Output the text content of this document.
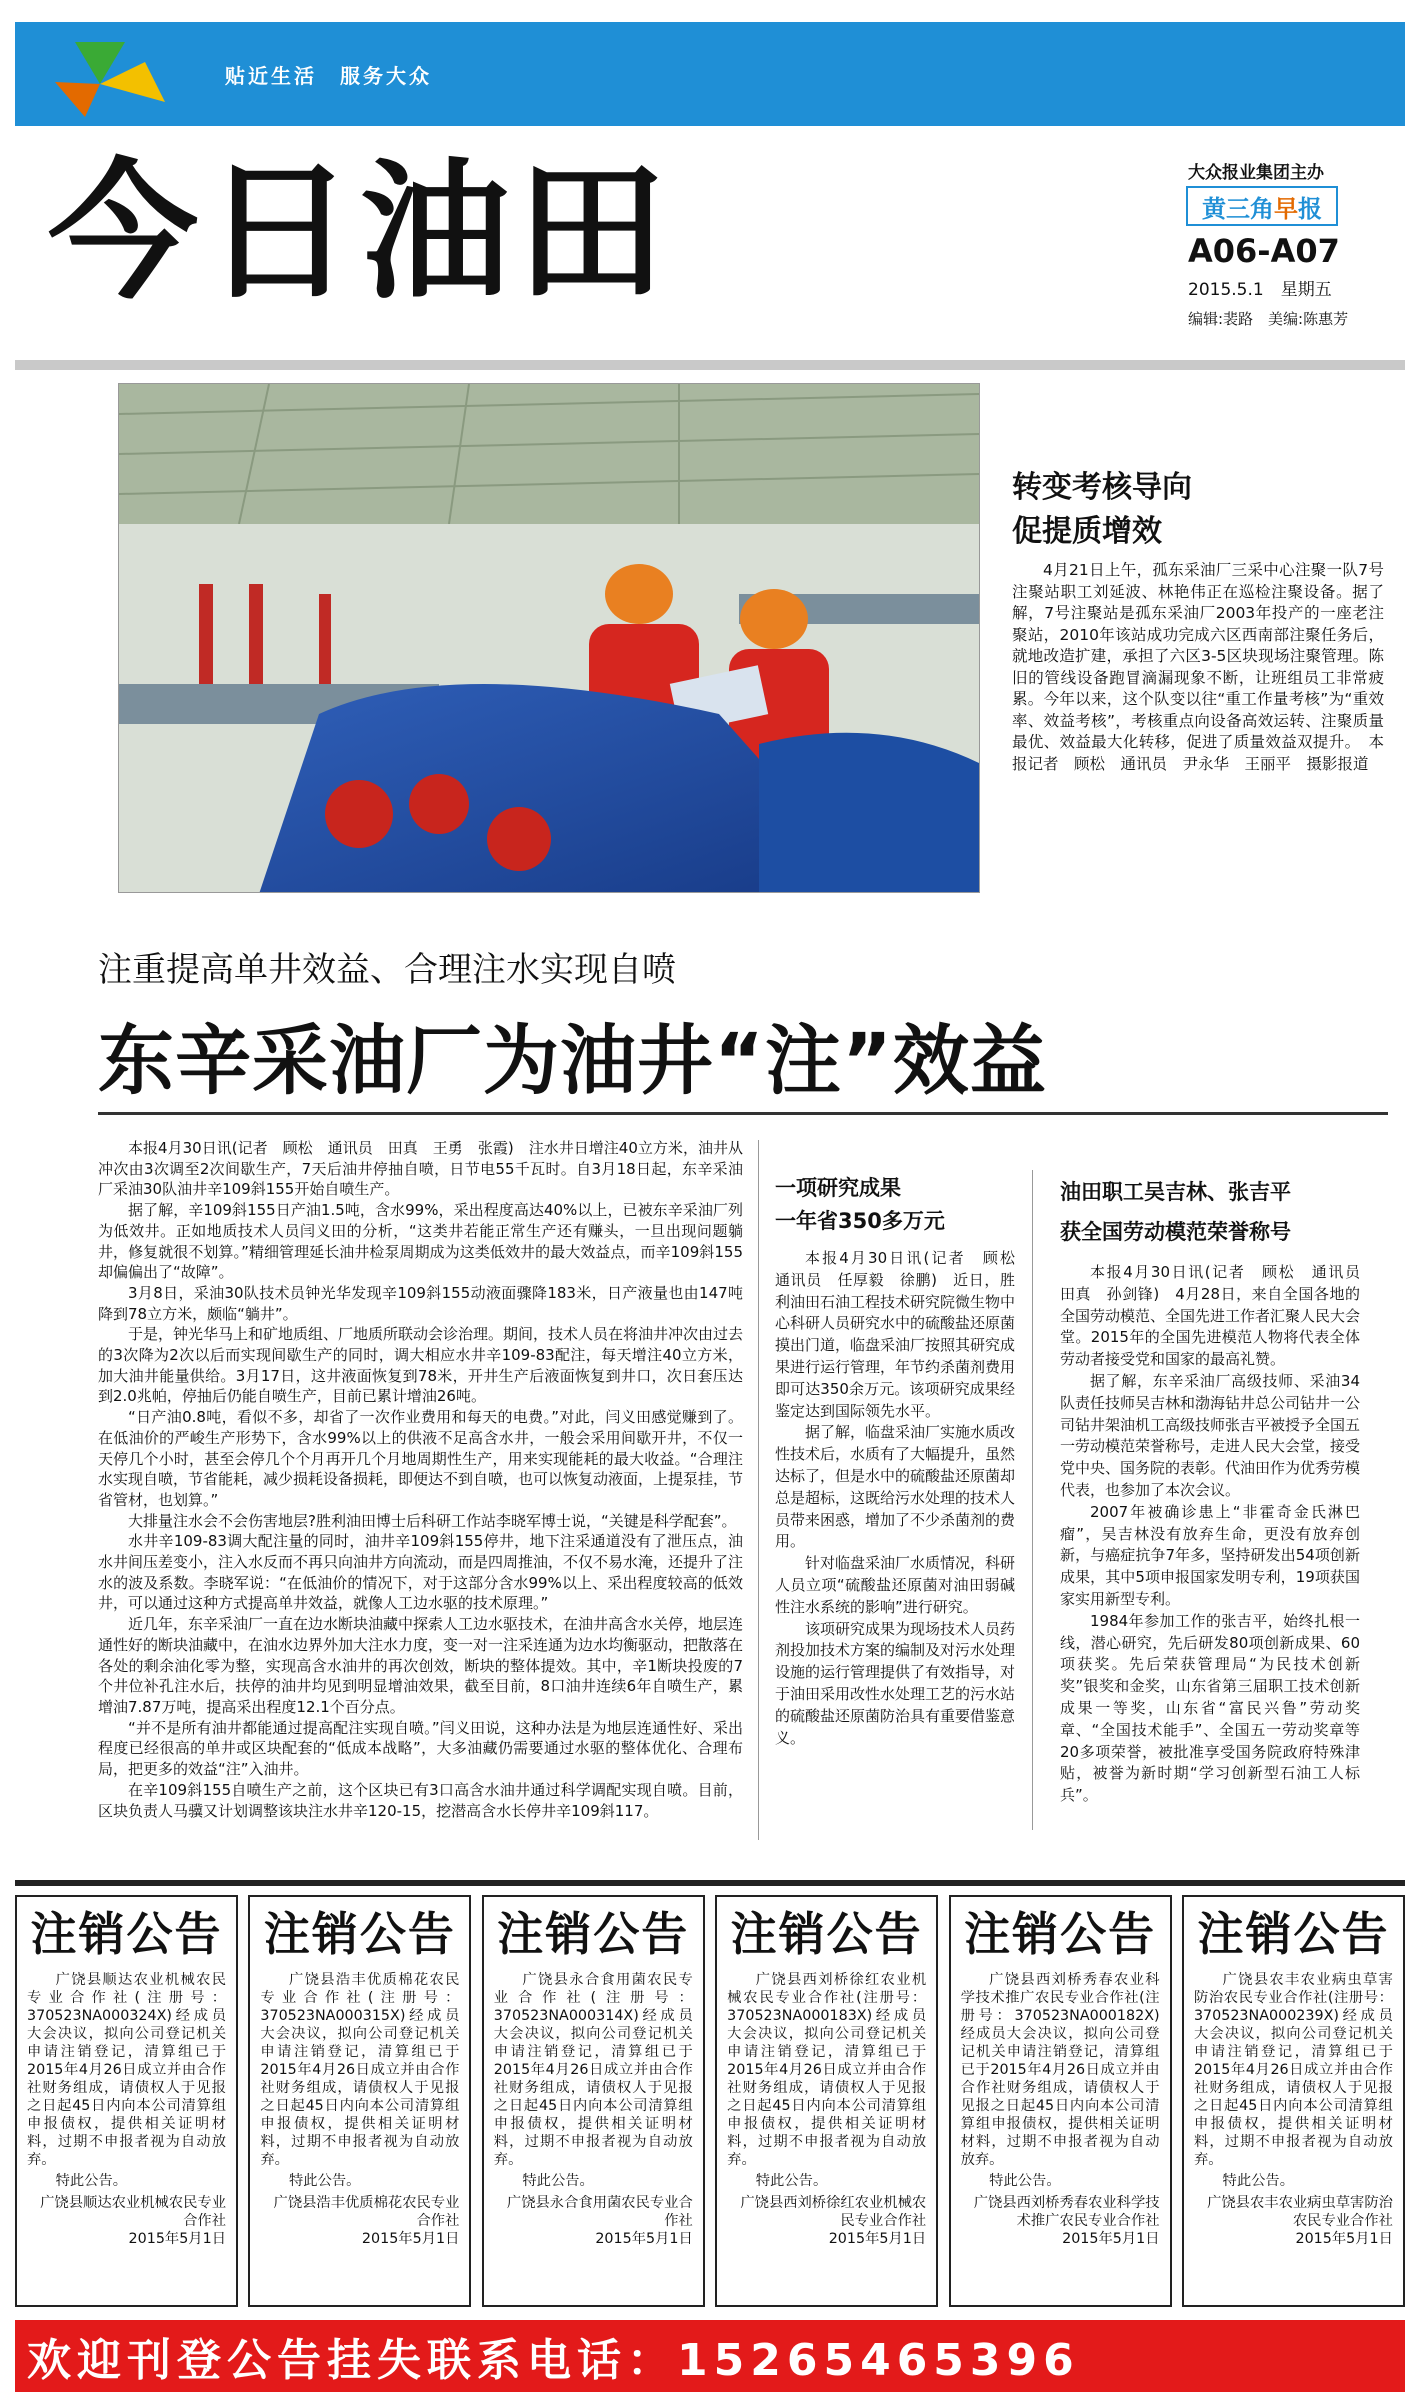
贴近生活　服务大众
今日油田	大众报业集团主办
黄三角 早 报
A06-A07
2015.5.1　星期五
编辑:裴路　美编:陈惠芳
转变考核导向
促提质增效
4月21日上午，孤东采油厂三采中心注聚一队7号注聚站职工刘延波、林艳伟正在巡检注聚设备。据了解，7号注聚站是孤东采油厂2003年投产的一座老注聚站，2010年该站成功完成六区西南部注聚任务后，就地改造扩建，承担了六区3-5区块现场注聚管理。陈旧的管线设备跑冒滴漏现象不断，让班组员工非常疲累。今年以来，这个队变以往“重工作量考核”为“重效率、效益考核”，考核重点向设备高效运转、注聚质量最优、效益最大化转移，促进了质量效益双提升。　本报记者　顾松　通讯员　尹永华　王丽平　摄影报道
注重提高单井效益、合理注水实现自喷
东辛采油厂为油井“注”效益

本报4月30日讯(记者　顾松　通讯员　田真　王勇　张霞)　注水井日增注40立方米，油井从冲次由3次调至2次间歇生产，7天后油井停抽自喷，日节电55千瓦时。自3月18日起，东辛采油厂采油30队油井辛109斜155开始自喷生产。

据了解，辛109斜155日产油1.5吨，含水99%，采出程度高达40%以上，已被东辛采油厂列为低效井。正如地质技术人员闫义田的分析，“这类井若能正常生产还有赚头，一旦出现问题躺井，修复就很不划算。”精细管理延长油井检泵周期成为这类低效井的最大效益点，而辛109斜155却偏偏出了“故障”。

3月8日，采油30队技术员钟光华发现辛109斜155动液面骤降183米，日产液量也由147吨降到78立方米，颇临“躺井”。

于是，钟光华马上和矿地质组、厂地质所联动会诊治理。期间，技术人员在将油井冲次由过去的3次降为2次以后而实现间歇生产的同时，调大相应水井辛109-83配注，每天增注40立方米，加大油井能量供给。3月17日，这井液面恢复到78米，开井生产后液面恢复到井口，次日套压达到2.0兆帕，停抽后仍能自喷生产，目前已累计增油26吨。

“日产油0.8吨，看似不多，却省了一次作业费用和每天的电费。”对此，闫义田感觉赚到了。在低油价的严峻生产形势下，含水99%以上的供液不足高含水井，一般会采用间歇开井，不仅一天停几个小时，甚至会停几个个月再开几个月地周期性生产，用来实现能耗的最大收益。“合理注水实现自喷，节省能耗，减少损耗设备损耗，即便达不到自喷，也可以恢复动液面，上提泵挂，节省管材，也划算。”

大排量注水会不会伤害地层?胜利油田博士后科研工作站李晓军博士说，“关键是科学配套”。

水井辛109-83调大配注量的同时，油井辛109斜155停井，地下注采通道没有了泄压点，油水井间压差变小，注入水反而不再只向油井方向流动，而是四周推油，不仅不易水淹，还提升了注水的波及系数。李晓军说：“在低油价的情况下，对于这部分含水99%以上、采出程度较高的低效井，可以通过这种方式提高单井效益，就像人工边水驱的技术原理。”

近几年，东辛采油厂一直在边水断块油藏中探索人工边水驱技术，在油井高含水关停，地层连通性好的断块油藏中，在油水边界外加大注水力度，变一对一注采连通为边水均衡驱动，把散落在各处的剩余油化零为整，实现高含水油井的再次创效，断块的整体提效。其中，辛1断块投废的7个井位补孔注水后，扶停的油井均见到明显增油效果，截至目前，8口油井连续6年自喷生产，累增油7.87万吨，提高采出程度12.1个百分点。

“并不是所有油井都能通过提高配注实现自喷。”闫义田说，这种办法是为地层连通性好、采出程度已经很高的单井或区块配套的“低成本战略”，大多油藏仍需要通过水驱的整体优化、合理布局，把更多的效益“注”入油井。

在辛109斜155自喷生产之前，这个区块已有3口高含水油井通过科学调配实现自喷。目前，区块负责人马骥又计划调整该块注水井辛120-15，挖潜高含水长停井辛109斜117。

一项研究成果
一年省350多万元

本报4月30日讯(记者　顾松　通讯员　任厚毅　徐鹏)　近日，胜利油田石油工程技术研究院微生物中心科研人员研究水中的硫酸盐还原菌摸出门道，临盘采油厂按照其研究成果进行运行管理，年节约杀菌剂费用即可达350余万元。该项研究成果经鉴定达到国际领先水平。

据了解，临盘采油厂实施水质改性技术后，水质有了大幅提升，虽然达标了，但是水中的硫酸盐还原菌却总是超标，这既给污水处理的技术人员带来困惑，增加了不少杀菌剂的费用。

针对临盘采油厂水质情况，科研人员立项“硫酸盐还原菌对油田弱碱性注水系统的影响”进行研究。

该项研究成果为现场技术人员药剂投加技术方案的编制及对污水处理设施的运行管理提供了有效指导，对于油田采用改性水处理工艺的污水站的硫酸盐还原菌防治具有重要借鉴意义。

油田职工吴吉林、张吉平
获全国劳动模范荣誉称号

本报4月30日讯(记者　顾松　通讯员　田真　孙剑锋)　4月28日，来自全国各地的全国劳动模范、全国先进工作者汇聚人民大会堂。2015年的全国先进模范人物将代表全体劳动者接受党和国家的最高礼赞。

据了解，东辛采油厂高级技师、采油34队责任技师吴吉林和渤海钻井总公司钻井一公司钻井架油机工高级技师张吉平被授予全国五一劳动模范荣誉称号，走进人民大会堂，接受党中央、国务院的表彰。代油田作为优秀劳模代表，也参加了本次会议。

2007年被确诊患上“非霍奇金氏淋巴瘤”，吴吉林没有放弃生命，更没有放弃创新，与癌症抗争7年多，坚持研发出54项创新成果，其中5项申报国家发明专利，19项获国家实用新型专利。

1984年参加工作的张吉平，始终扎根一线，潜心研究，先后研发80项创新成果、60项获奖。先后荣获管理局“为民技术创新奖”银奖和金奖，山东省第三届职工技术创新成果一等奖，山东省“富民兴鲁”劳动奖章、“全国技术能手”、全国五一劳动奖章等20多项荣誉，被批准享受国务院政府特殊津贴，被誉为新时期“学习创新型石油工人标兵”。

注销公告
广饶县顺达农业机械农民专业合作社(注册号：370523NA000324X)经成员大会决议，拟向公司登记机关申请注销登记，清算组已于2015年4月26日成立并由合作社财务组成，请债权人于见报之日起45日内向本公司清算组申报债权，提供相关证明材料，过期不申报者视为自动放弃。
特此公告。
广饶县顺达农业机械农民专业合作社
2015年5月1日
注销公告
广饶县浩丰优质棉花农民专业合作社(注册号：370523NA000315X)经成员大会决议，拟向公司登记机关申请注销登记，清算组已于2015年4月26日成立并由合作社财务组成，请债权人于见报之日起45日内向本公司清算组申报债权，提供相关证明材料，过期不申报者视为自动放弃。
特此公告。
广饶县浩丰优质棉花农民专业合作社
2015年5月1日
注销公告
广饶县永合食用菌农民专业合作社(注册号：370523NA000314X)经成员大会决议，拟向公司登记机关申请注销登记，清算组已于2015年4月26日成立并由合作社财务组成，请债权人于见报之日起45日内向本公司清算组申报债权，提供相关证明材料，过期不申报者视为自动放弃。
特此公告。
广饶县永合食用菌农民专业合作社
2015年5月1日
注销公告
广饶县西刘桥徐红农业机械农民专业合作社(注册号：370523NA000183X)经成员大会决议，拟向公司登记机关申请注销登记，清算组已于2015年4月26日成立并由合作社财务组成，请债权人于见报之日起45日内向本公司清算组申报债权，提供相关证明材料，过期不申报者视为自动放弃。
特此公告。
广饶县西刘桥徐红农业机械农民专业合作社
2015年5月1日
注销公告
广饶县西刘桥秀春农业科学技术推广农民专业合作社(注册号：370523NA000182X)经成员大会决议，拟向公司登记机关申请注销登记，清算组已于2015年4月26日成立并由合作社财务组成，请债权人于见报之日起45日内向本公司清算组申报债权，提供相关证明材料，过期不申报者视为自动放弃。
特此公告。
广饶县西刘桥秀春农业科学技术推广农民专业合作社
2015年5月1日
注销公告
广饶县农丰农业病虫草害防治农民专业合作社(注册号：370523NA000239X)经成员大会决议，拟向公司登记机关申请注销登记，清算组已于2015年4月26日成立并由合作社财务组成，请债权人于见报之日起45日内向本公司清算组申报债权，提供相关证明材料，过期不申报者视为自动放弃。
特此公告。
广饶县农丰农业病虫草害防治农民专业合作社
2015年5月1日
欢迎刊登公告挂失联系电话：15265465396
